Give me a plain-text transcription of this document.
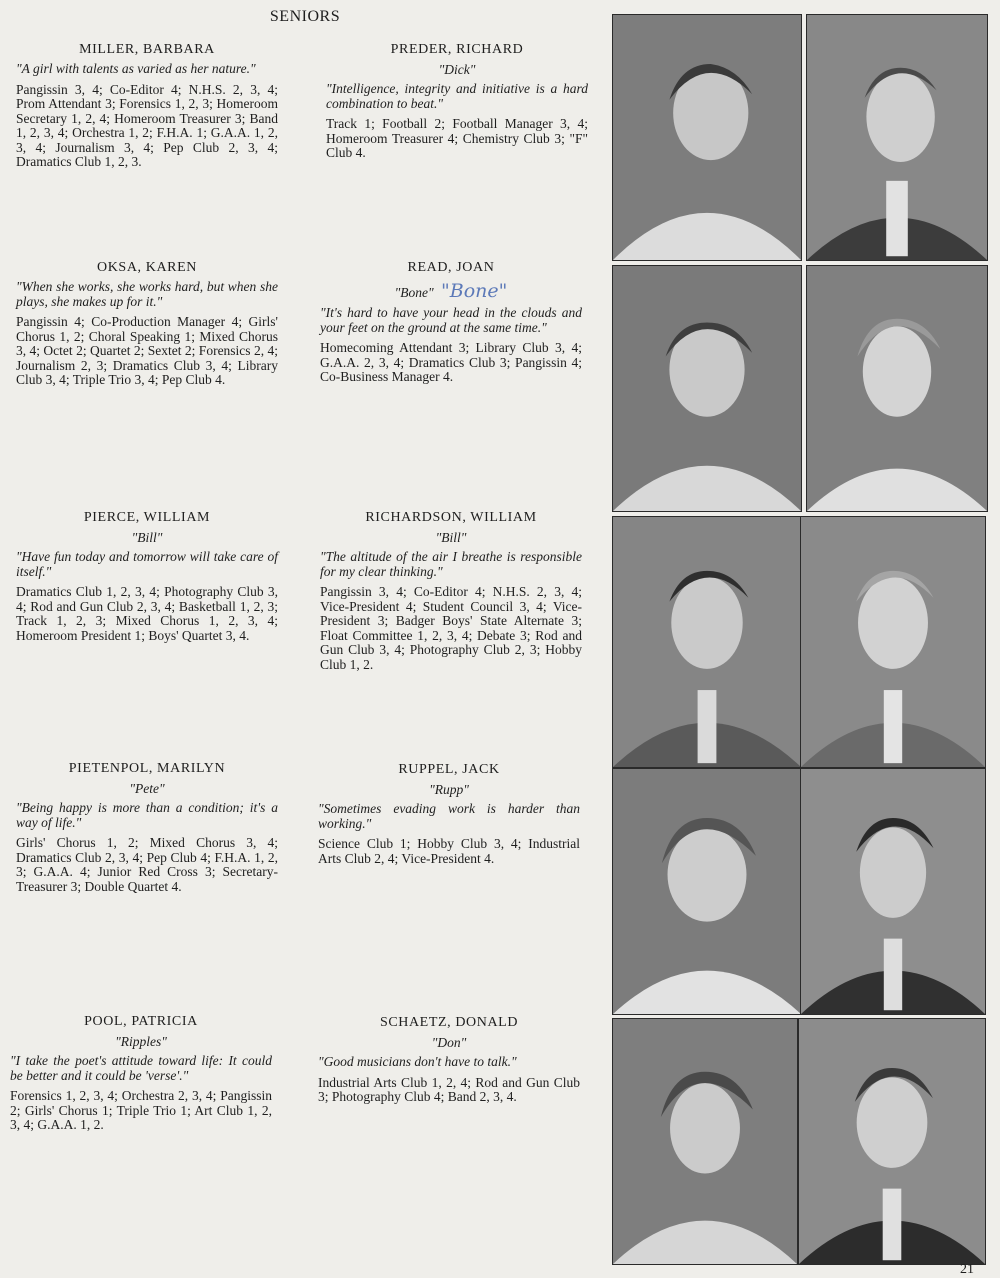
SENIORS
MILLER, BARBARA
"A girl with talents as varied as her nature."
Pangissin 3, 4; Co-Editor 4; N.H.S. 2, 3, 4; Prom Attendant 3; Forensics 1, 2, 3; Homeroom Secretary 1, 2, 4; Homeroom Treasurer 3; Band 1, 2, 3, 4; Orchestra 1, 2; F.H.A. 1; G.A.A. 1, 2, 3, 4; Journalism 3, 4; Pep Club 2, 3, 4; Dramatics Club 1, 2, 3.
OKSA, KAREN
"When she works, she works hard, but when she plays, she makes up for it."
Pangissin 4; Co-Production Manager 4; Girls' Chorus 1, 2; Choral Speaking 1; Mixed Chorus 3, 4; Octet 2; Quartet 2; Sextet 2; Forensics 2, 4; Journalism 2, 3; Dramatics Club 3, 4; Library Club 3, 4; Triple Trio 3, 4; Pep Club 4.
PIERCE, WILLIAM
"Bill"
"Have fun today and tomorrow will take care of itself."
Dramatics Club 1, 2, 3, 4; Photography Club 3, 4; Rod and Gun Club 2, 3, 4; Basketball 1, 2, 3; Track 1, 2, 3; Mixed Chorus 1, 2, 3, 4; Homeroom President 1; Boys' Quartet 3, 4.
PIETENPOL, MARILYN
"Pete"
"Being happy is more than a condition; it's a way of life."
Girls' Chorus 1, 2; Mixed Chorus 3, 4; Dramatics Club 2, 3, 4; Pep Club 4; F.H.A. 1, 2, 3; G.A.A. 4; Junior Red Cross 3; Secretary-Treasurer 3; Double Quartet 4.
POOL, PATRICIA
"Ripples"
"I take the poet's attitude toward life: It could be better and it could be 'verse'."
Forensics 1, 2, 3, 4; Orchestra 2, 3, 4; Pangissin 2; Girls' Chorus 1; Triple Trio 1; Art Club 1, 2, 3, 4; G.A.A. 1, 2.
PREDER, RICHARD
"Dick"
"Intelligence, integrity and initiative is a hard combination to beat."
Track 1; Football 2; Football Manager 3, 4; Homeroom Treasurer 4; Chemistry Club 3; "F" Club 4.
READ, JOAN
"Bone" "Bone"
"It's hard to have your head in the clouds and your feet on the ground at the same time."
Homecoming Attendant 3; Library Club 3, 4; G.A.A. 2, 3, 4; Dramatics Club 3; Pangissin 4; Co-Business Manager 4.
RICHARDSON, WILLIAM
"Bill"
"The altitude of the air I breathe is responsible for my clear thinking."
Pangissin 3, 4; Co-Editor 4; N.H.S. 2, 3, 4; Vice-President 4; Student Council 3, 4; Vice-President 3; Badger Boys' State Alternate 3; Float Committee 1, 2, 3, 4; Debate 3; Rod and Gun Club 3, 4; Photography Club 2, 3; Hobby Club 1, 2.
RUPPEL, JACK
"Rupp"
"Sometimes evading work is harder than working."
Science Club 1; Hobby Club 3, 4; Industrial Arts Club 2, 4; Vice-President 4.
SCHAETZ, DONALD
"Don"
"Good musicians don't have to talk."
Industrial Arts Club 1, 2, 4; Rod and Gun Club 3; Photography Club 4; Band 2, 3, 4.
21
